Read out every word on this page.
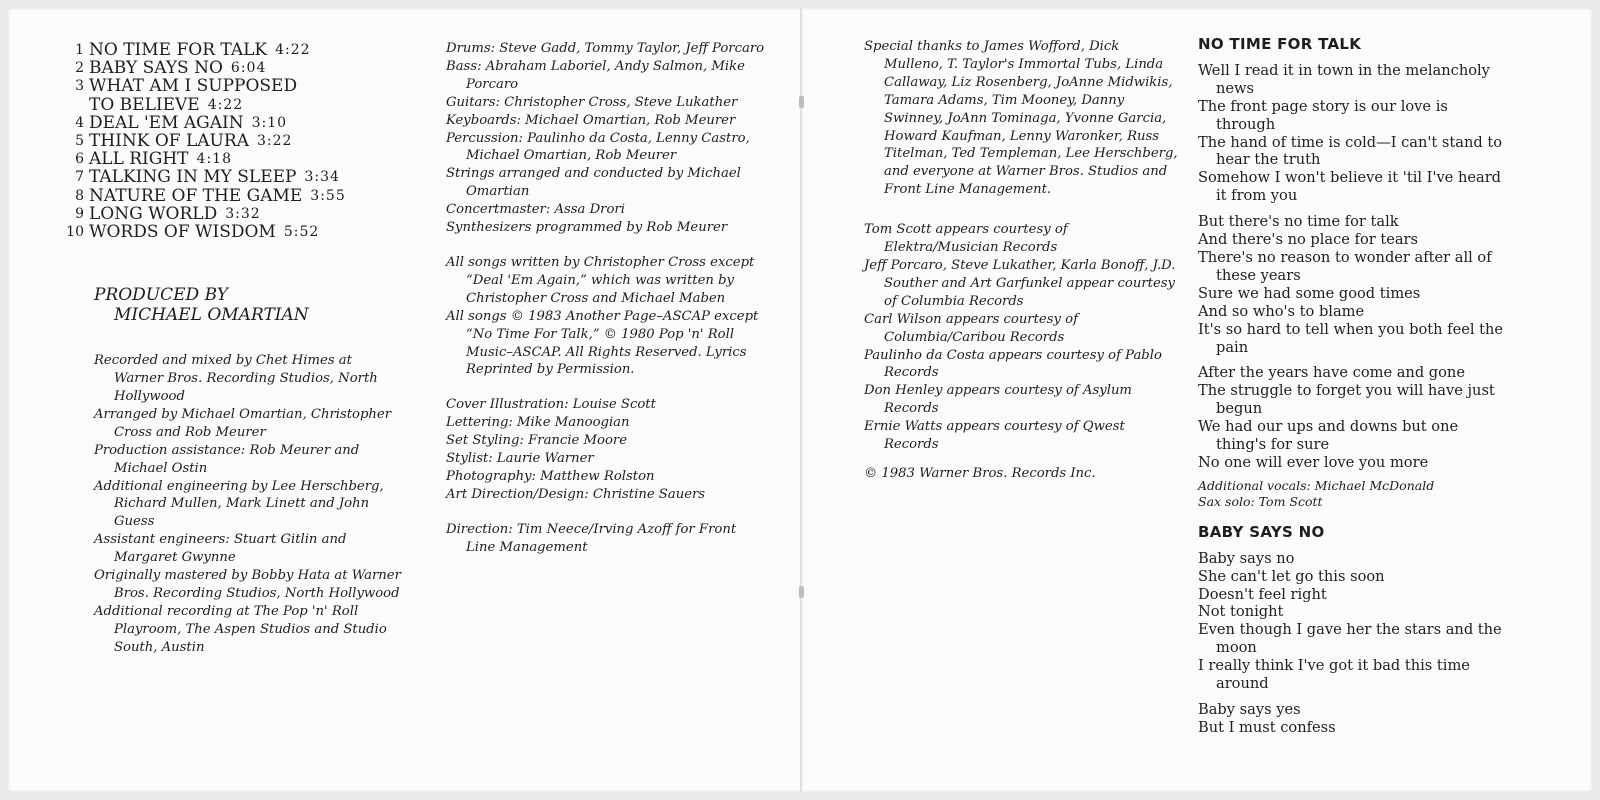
1 NO TIME FOR TALK 4:22
2 BABY SAYS NO 6:04
3 WHAT AM I SUPPOSED
TO BELIEVE 4:22
4 DEAL 'EM AGAIN 3:10
5 THINK OF LAURA 3:22
6 ALL RIGHT 4:18
7 TALKING IN MY SLEEP 3:34
8 NATURE OF THE GAME 3:55
9 LONG WORLD 3:32
10 WORDS OF WISDOM 5:52
PRODUCED BY
MICHAEL OMARTIAN

Recorded and mixed by Chet Himes at Warner Bros. Recording Studios, North Hollywood

Arranged by Michael Omartian, Christopher Cross and Rob Meurer

Production assistance: Rob Meurer and Michael Ostin

Additional engineering by Lee Herschberg, Richard Mullen, Mark Linett and John Guess

Assistant engineers: Stuart Gitlin and Margaret Gwynne

Originally mastered by Bobby Hata at Warner Bros. Recording Studios, North Hollywood

Additional recording at The Pop 'n' Roll Playroom, The Aspen Studios and Studio South, Austin

Drums: Steve Gadd, Tommy Taylor, Jeff Porcaro

Bass: Abraham Laboriel, Andy Salmon, Mike Porcaro

Guitars: Christopher Cross, Steve Lukather

Keyboards: Michael Omartian, Rob Meurer

Percussion: Paulinho da Costa, Lenny Castro, Michael Omartian, Rob Meurer

Strings arranged and conducted by Michael Omartian

Concertmaster: Assa Drori

Synthesizers programmed by Rob Meurer

All songs written by Christopher Cross except “Deal 'Em Again,” which was written by Christopher Cross and Michael Maben

All songs © 1983 Another Page–ASCAP except “No Time For Talk,” © 1980 Pop 'n' Roll Music–ASCAP. All Rights Reserved. Lyrics Reprinted by Permission.

Cover Illustration: Louise Scott

Lettering: Mike Manoogian

Set Styling: Francie Moore

Stylist: Laurie Warner

Photography: Matthew Rolston

Art Direction/Design: Christine Sauers

Direction: Tim Neece/Irving Azoff for Front Line Management

Special thanks to James Wofford, Dick Mulleno, T. Taylor's Immortal Tubs, Linda Callaway, Liz Rosenberg, JoAnne Midwikis, Tamara Adams, Tim Mooney, Danny Swinney, JoAnn Tominaga, Yvonne Garcia, Howard Kaufman, Lenny Waronker, Russ Titelman, Ted Templeman, Lee Herschberg, and everyone at Warner Bros. Studios and Front Line Management.

Tom Scott appears courtesy of Elektra/Musician Records

Jeff Porcaro, Steve Lukather, Karla Bonoff, J.D. Souther and Art Garfunkel appear courtesy of Columbia Records

Carl Wilson appears courtesy of Columbia/Caribou Records

Paulinho da Costa appears courtesy of Pablo Records

Don Henley appears courtesy of Asylum Records

Ernie Watts appears courtesy of Qwest Records

© 1983 Warner Bros. Records Inc.

NO TIME FOR TALK

Well I read it in town in the melancholy news

The front page story is our love is through

The hand of time is cold—I can't stand to hear the truth

Somehow I won't believe it 'til I've heard it from you

But there's no time for talk

And there's no place for tears

There's no reason to wonder after all of these years

Sure we had some good times

And so who's to blame

It's so hard to tell when you both feel the pain

After the years have come and gone

The struggle to forget you will have just begun

We had our ups and downs but one thing's for sure

No one will ever love you more

Additional vocals: Michael McDonald
Sax solo: Tom Scott
BABY SAYS NO

Baby says no

She can't let go this soon

Doesn't feel right

Not tonight

Even though I gave her the stars and the moon

I really think I've got it bad this time around

Baby says yes

But I must confess
